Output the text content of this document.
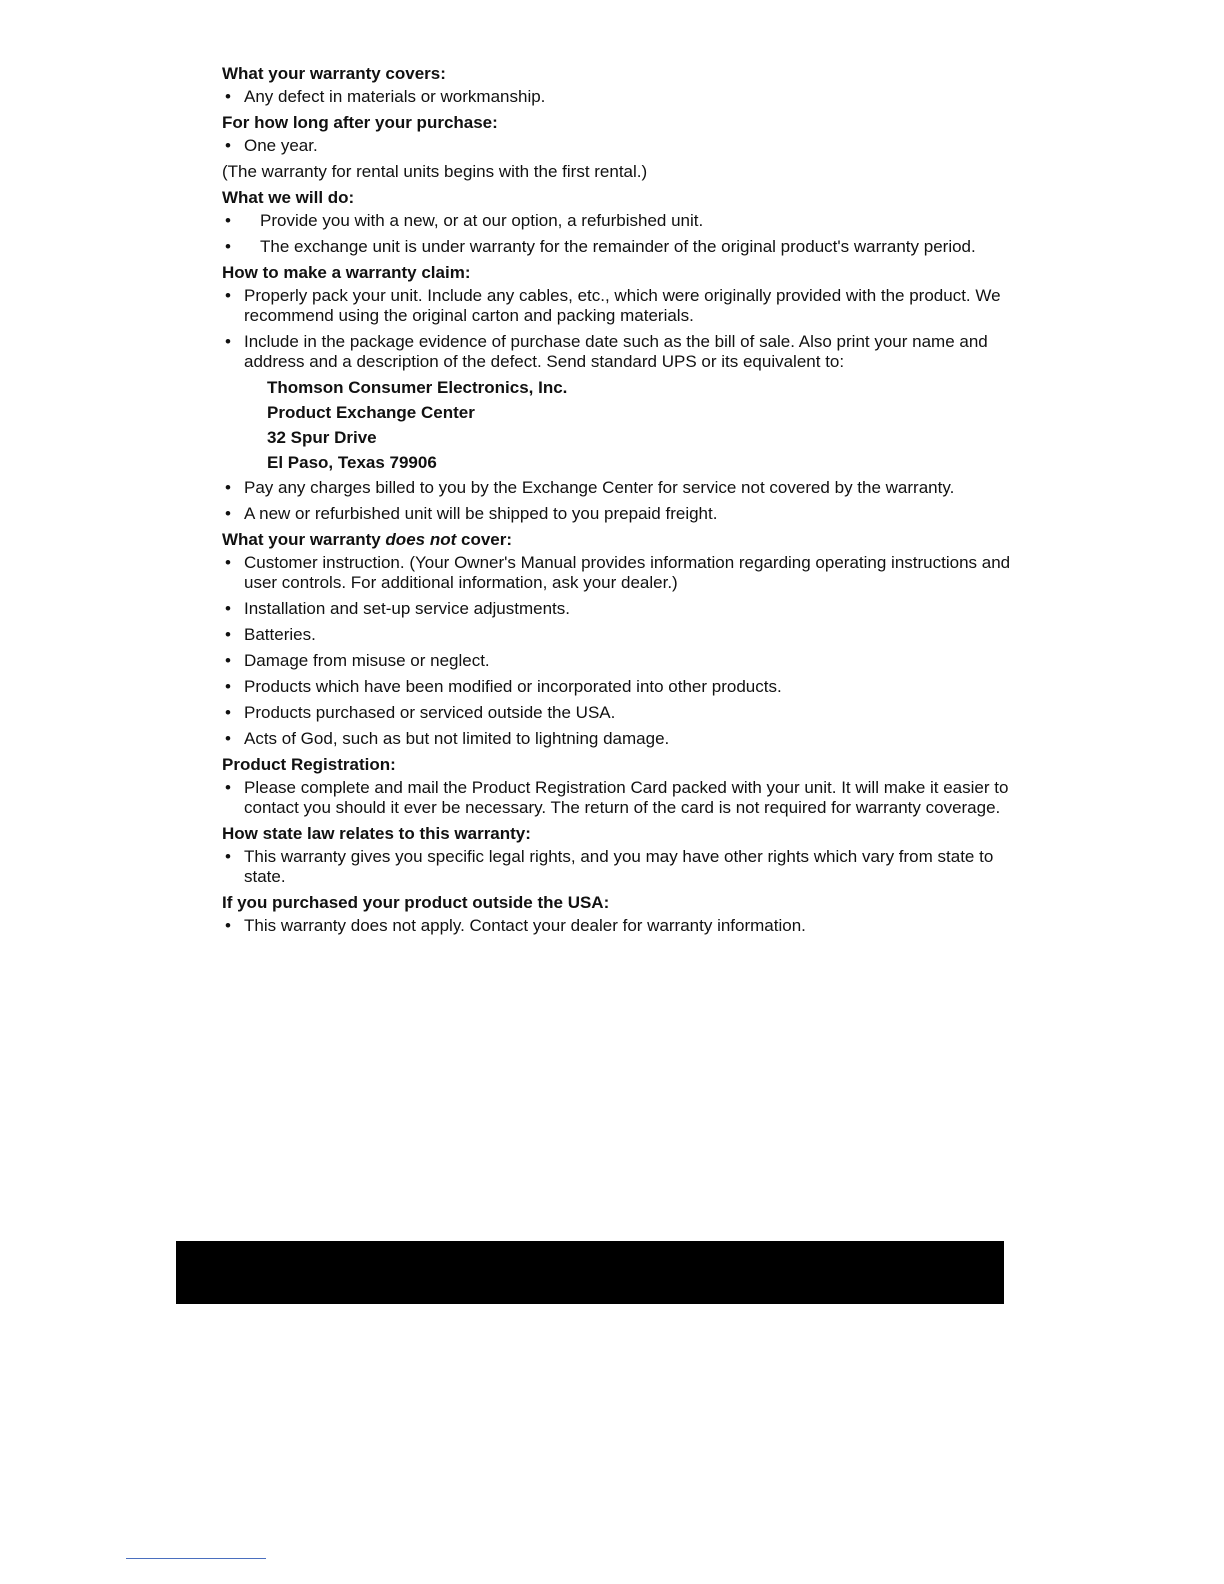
What your warranty covers:
• Any defect in materials or workmanship.
For how long after your purchase:
• One year.
(The warranty for rental units begins with the first rental.)
What we will do:
• Provide you with a new, or at our option, a refurbished unit.
• The exchange unit is under warranty for the remainder of the original product's warranty period.
How to make a warranty claim:
• Properly pack your unit. Include any cables, etc., which were originally provided with the product. We recommend using the original carton and packing materials.
• Include in the package evidence of purchase date such as the bill of sale. Also print your name and address and a description of the defect. Send standard UPS or its equivalent to:
Thomson Consumer Electronics, Inc.
Product Exchange Center
32 Spur Drive
El Paso, Texas 79906
• Pay any charges billed to you by the Exchange Center for service not covered by the warranty.
• A new or refurbished unit will be shipped to you prepaid freight.
What your warranty does not cover:
• Customer instruction. (Your Owner's Manual provides information regarding operating instructions and user controls. For additional information, ask your dealer.)
• Installation and set-up service adjustments.
• Batteries.
• Damage from misuse or neglect.
• Products which have been modified or incorporated into other products.
• Products purchased or serviced outside the USA.
• Acts of God, such as but not limited to lightning damage.
Product Registration:
• Please complete and mail the Product Registration Card packed with your unit. It will make it easier to contact you should it ever be necessary. The return of the card is not required for warranty coverage.
How state law relates to this warranty:
• This warranty gives you specific legal rights, and you may have other rights which vary from state to state.
If you purchased your product outside the USA:
• This warranty does not apply. Contact your dealer for warranty information.
